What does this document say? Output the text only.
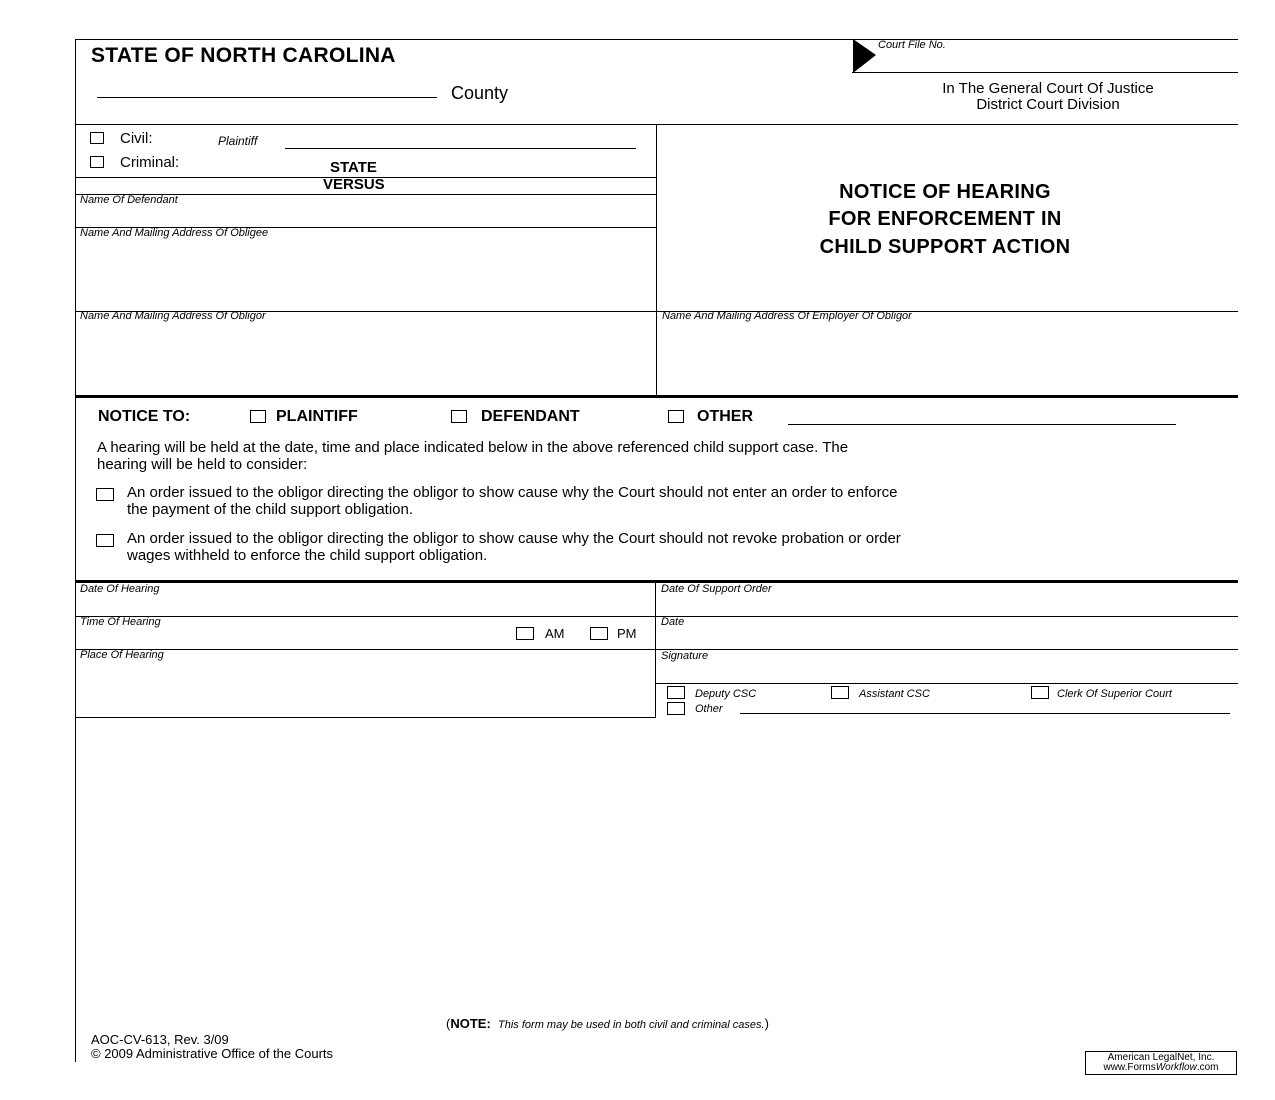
STATE OF NORTH CAROLINA
County
Court File No.
In The General Court Of Justice
District Court Division
Civil:	Plaintiff
Criminal:	STATE
VERSUS
Name Of Defendant
Name And Mailing Address Of Obligee
Name And Mailing Address Of Obligor	Name And Mailing Address Of Employer Of Obligor
NOTICE OF HEARING
FOR ENFORCEMENT IN
CHILD SUPPORT ACTION
NOTICE TO:	PLAINTIFF	DEFENDANT	OTHER
A hearing will be held at the date, time and place indicated below in the above referenced child support case. The
hearing will be held to consider:
An order issued to the obligor directing the obligor to show cause why the Court should not enter an order to enforce
the payment of the child support obligation.
An order issued to the obligor directing the obligor to show cause why the Court should not revoke probation or order
wages withheld to enforce the child support obligation.
Date Of Hearing
Time Of Hearing
AM	PM
Place Of Hearing
Date Of Support Order
Date
Signature
Deputy CSC	Assistant CSC	Clerk Of Superior Court
Other
(NOTE: This form may be used in both civil and criminal cases.)
AOC-CV-613, Rev. 3/09
© 2009 Administrative Office of the Courts	American LegalNet, Inc.
www.FormsWorkflow.com
